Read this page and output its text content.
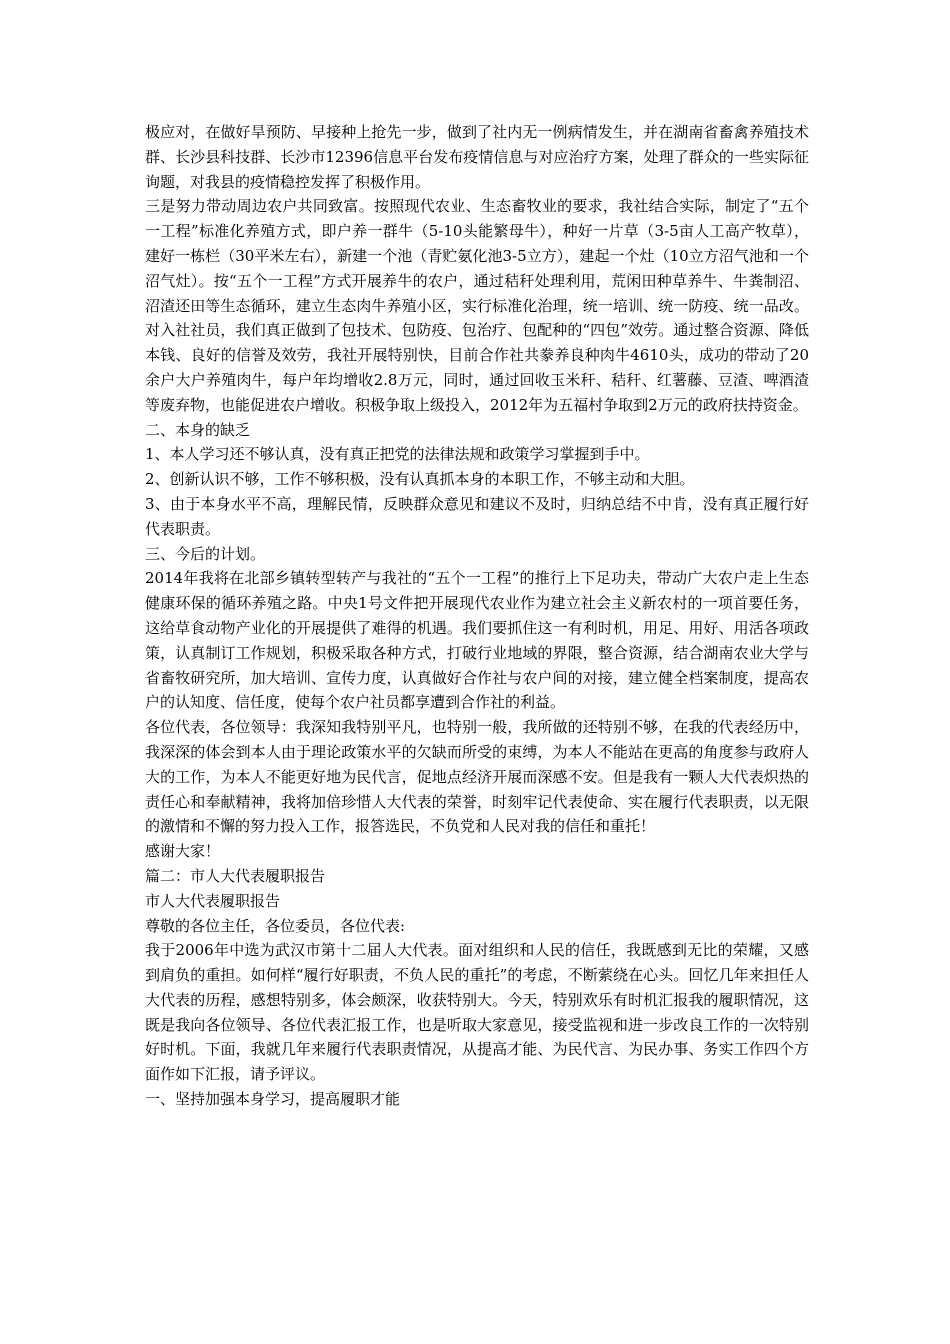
极应对，在做好旱预防、早接种上抢先一步，做到了社内无一例病情发生，并在湖南省畜禽养殖技术群、长沙县科技群、长沙市12396信息平台发布疫情信息与对应治疗方案，处理了群众的一些实际征询题，对我县的疫情稳控发挥了积极作用。

三是努力带动周边农户共同致富。按照现代农业、生态畜牧业的要求，我社结合实际，制定了“五个一工程”标准化养殖方式，即户养一群牛（5-10头能繁母牛），种好一片草（3-5亩人工高产牧草），建好一栋栏（30平米左右），新建一个池（青贮氨化池3-5立方），建起一个灶（10立方沼气池和一个沼气灶）。按“五个一工程”方式开展养牛的农户，通过秸秆处理利用，荒闲田种草养牛、牛粪制沼、沼渣还田等生态循环，建立生态肉牛养殖小区，实行标准化治理，统一培训、统一防疫、统一品改。对入社社员，我们真正做到了包技术、包防疫、包治疗、包配种的“四包”效劳。通过整合资源、降低本钱、良好的信誉及效劳，我社开展特别快，目前合作社共豢养良种肉牛4610头，成功的带动了20余户大户养殖肉牛，每户年均增收2.8万元，同时，通过回收玉米秆、秸秆、红薯藤、豆渣、啤酒渣等废弃物，也能促进农户增收。积极争取上级投入，2012年为五福村争取到2万元的政府扶持资金。

二、本身的缺乏

1、本人学习还不够认真，没有真正把党的法律法规和政策学习掌握到手中。

2、创新认识不够，工作不够积极，没有认真抓本身的本职工作，不够主动和大胆。

3、由于本身水平不高，理解民情，反映群众意见和建议不及时，归纳总结不中肯，没有真正履行好代表职责。

三、今后的计划。

2014年我将在北部乡镇转型转产与我社的“五个一工程”的推行上下足功夫，带动广大农户走上生态健康环保的循环养殖之路。中央1号文件把开展现代农业作为建立社会主义新农村的一项首要任务，这给草食动物产业化的开展提供了难得的机遇。我们要抓住这一有利时机，用足、用好、用活各项政策，认真制订工作规划，积极采取各种方式，打破行业地域的界限，整合资源，结合湖南农业大学与省畜牧研究所，加大培训、宣传力度，认真做好合作社与农户间的对接，建立健全档案制度，提高农户的认知度、信任度，使每个农户社员都享遭到合作社的利益。

各位代表，各位领导：我深知我特别平凡，也特别一般，我所做的还特别不够，在我的代表经历中，我深深的体会到本人由于理论政策水平的欠缺而所受的束缚，为本人不能站在更高的角度参与政府人大的工作，为本人不能更好地为民代言，促地点经济开展而深感不安。但是我有一颗人大代表炽热的责任心和奉献精神，我将加倍珍惜人大代表的荣誉，时刻牢记代表使命、实在履行代表职责，以无限的激情和不懈的努力投入工作，报答选民，不负党和人民对我的信任和重托！

感谢大家！

篇二：市人大代表履职报告

市人大代表履职报告

尊敬的各位主任，各位委员，各位代表:

我于2006年中选为武汉市第十二届人大代表。面对组织和人民的信任，我既感到无比的荣耀，又感到肩负的重担。如何样“履行好职责，不负人民的重托”的考虑，不断萦绕在心头。回忆几年来担任人大代表的历程，感想特别多，体会颇深，收获特别大。今天，特别欢乐有时机汇报我的履职情况，这既是我向各位领导、各位代表汇报工作，也是听取大家意见，接受监视和进一步改良工作的一次特别好时机。下面，我就几年来履行代表职责情况，从提高才能、为民代言、为民办事、务实工作四个方面作如下汇报，请予评议。

一、坚持加强本身学习，提高履职才能
